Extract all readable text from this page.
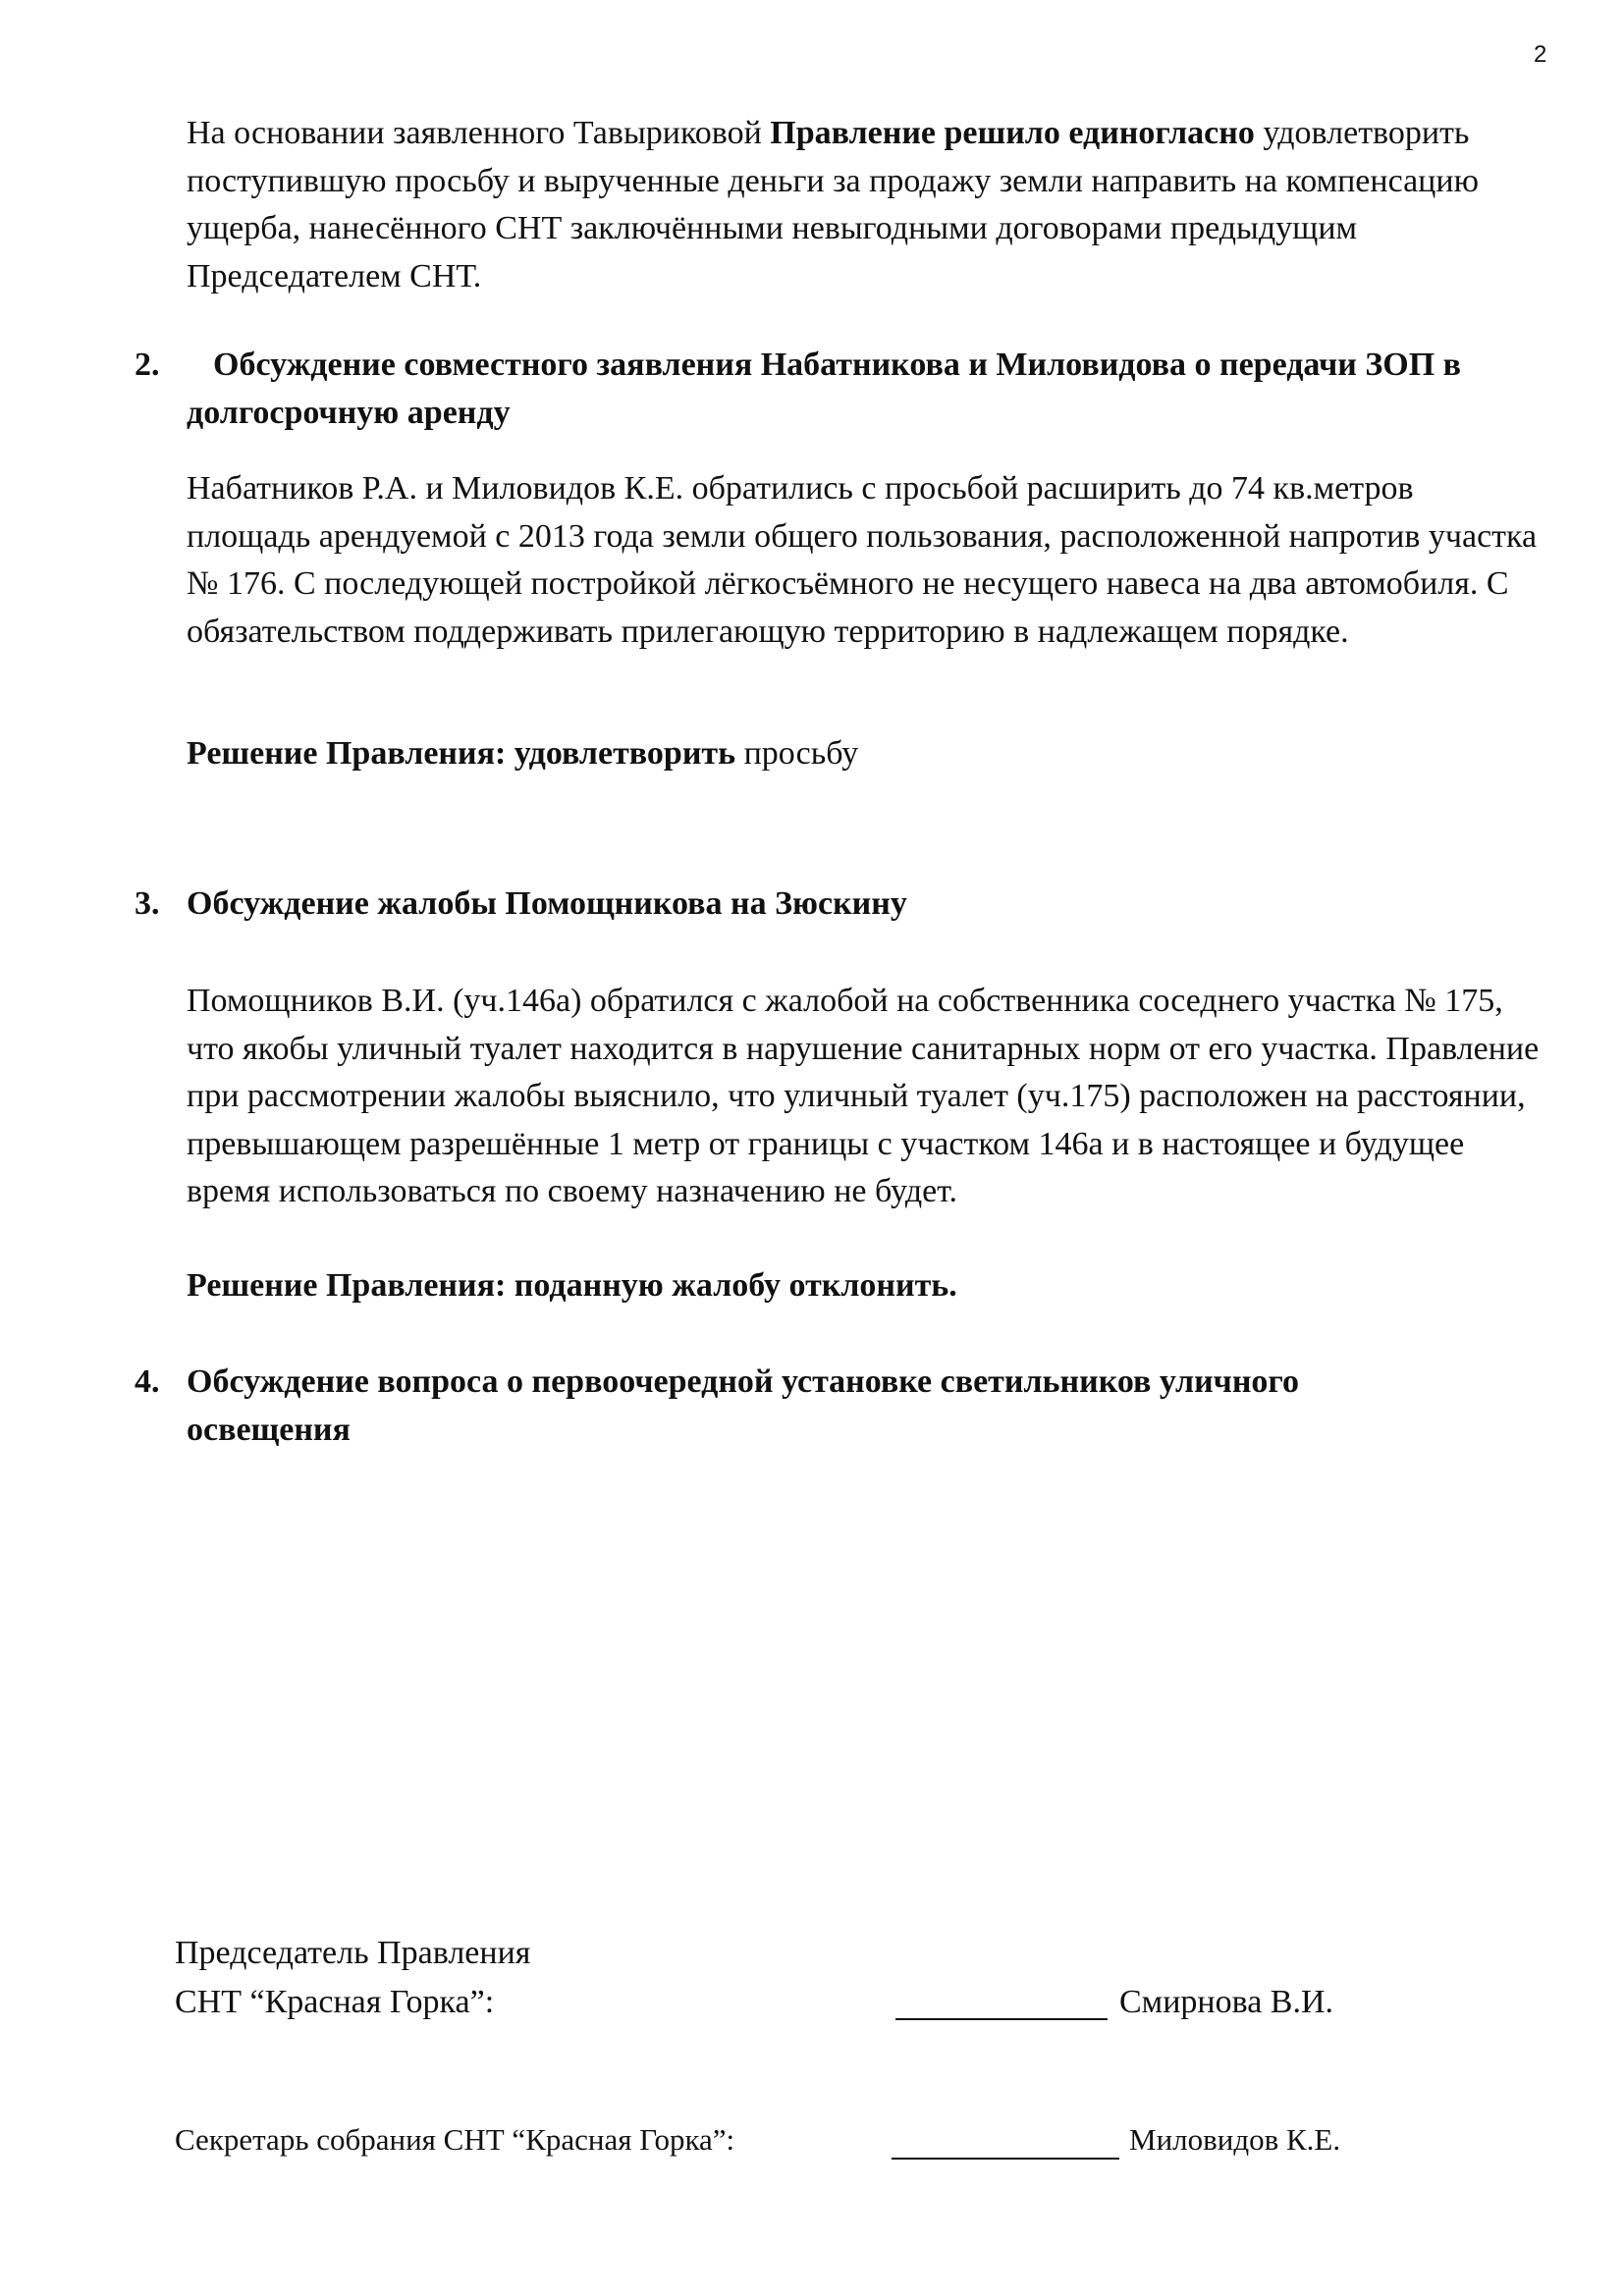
2

На основании заявленного Тавыриковой Правление решило единогласно удовлетворить поступившую просьбу и вырученные деньги за продажу земли направить на компенсацию ущерба, нанесённого СНТ заключёнными невыгодными договорами предыдущим Председателем СНТ.

2.	Обсуждение совместного заявления Набатникова и Миловидова о передачи ЗОП в долгосрочную аренду

Набатников Р.А. и Миловидов К.Е. обратились с просьбой расширить до 74 кв.метров площадь арендуемой с 2013 года земли общего пользования, расположенной напротив участка № 176. С последующей постройкой лёгкосъёмного не несущего навеса на два автомобиля. С обязательством поддерживать прилегающую территорию в надлежащем порядке.

Решение Правления: удовлетворить просьбу

3. Обсуждение жалобы Помощникова на Зюскину

Помощников В.И. (уч.146а) обратился с жалобой на собственника соседнего участка № 175, что якобы уличный туалет находится в нарушение санитарных норм от его участка. Правление при рассмотрении жалобы выяснило, что уличный туалет (уч.175) расположен на расстоянии, превышающем разрешённые 1 метр от границы с участком 146а и в настоящее и будущее время использоваться по своему назначению не будет.

Решение Правления: поданную жалобу отклонить.

4. Обсуждение вопроса о первоочередной установке светильников уличного освещения

Председатель Правления

СНТ “Красная Горка”:	Смирнова В.И.

Секретарь собрания СНТ “Красная Горка”:	Миловидов К.Е.
